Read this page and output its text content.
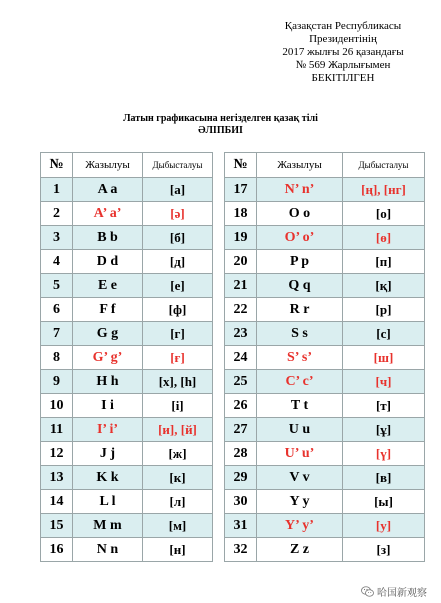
Қазақстан Республикасы
Президентінің
2017 жылғы 26 қазандағы
№ 569 Жарлығымен
БЕКІТІЛГЕН
Латын графикасына негізделген қазақ тілі
ӘЛІПБИІ
№	Жазылуы	Дыбысталуы		№	Жазылуы	Дыбысталуы
1	A a	[a]		17	N’ n’	[ң], [нг]
2	A’ a’	[ə]		18	O o	[o]
3	B b	[б]		19	O’ o’	[ө]
4	D d	[д]		20	P p	[п]
5	E e	[e]		21	Q q	[қ]
6	F f	[ф]		22	R r	[p]
7	G g	[г]		23	S s	[c]
8	G’ g’	[ғ]		24	S’ s’	[ш]
9	H h	[x], [h]		25	C’ c’	[ч]
10	I i	[i]		26	T t	[т]
11	I’ i’	[и], [й]		27	U u	[ұ]
12	J j	[ж]		28	U’ u’	[ү]
13	K k	[к]		29	V v	[в]
14	L l	[л]		30	Y y	[ы]
15	M m	[м]		31	Y’ y’	[у]
16	N n	[н]		32	Z z	[з]
哈国新观察
